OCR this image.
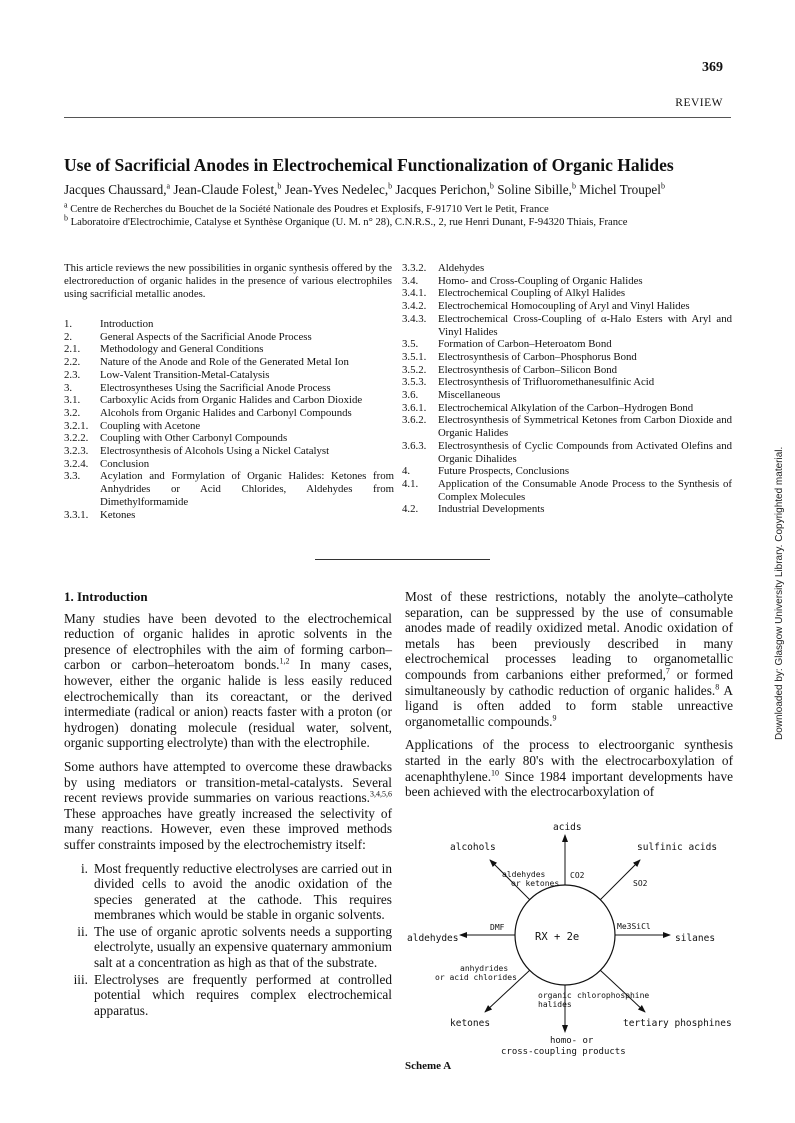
369
REVIEW
Use of Sacrificial Anodes in Electrochemical Functionalization of Organic Halides
Jacques Chaussard,$^a$ Jean-Claude Folest,$^b$ Jean-Yves Nedelec,$^b$ Jacques Perichon,$^b$ Soline Sibille,$^b$ Michel Troupel$^b$
$^a$ Centre de Recherches du Bouchet de la Société Nationale des Poudres et Explosifs, F-91710 Vert le Petit, France
$^b$ Laboratoire d'Electrochimie, Catalyse et Synthèse Organique (U. M. n° 28), C.N.R.S., 2, rue Henri Dunant, F-94320 Thiais, France
This article reviews the new possibilities in organic synthesis offered by the electroreduction of organic halides in the presence of various electrophiles using sacrificial metallic anodes.
1.	Introduction
2.	General Aspects of the Sacrificial Anode Process
2.1.	Methodology and General Conditions
2.2.	Nature of the Anode and Role of the Generated Metal Ion
2.3.	Low-Valent Transition-Metal-Catalysis
3.	Electrosyntheses Using the Sacrificial Anode Process
3.1.	Carboxylic Acids from Organic Halides and Carbon Dioxide
3.2.	Alcohols from Organic Halides and Carbonyl Compounds
3.2.1.	Coupling with Acetone
3.2.2.	Coupling with Other Carbonyl Compounds
3.2.3.	Electrosynthesis of Alcohols Using a Nickel Catalyst
3.2.4.	Conclusion
3.3.	Acylation and Formylation of Organic Halides: Ketones from Anhydrides or Acid Chlorides, Aldehydes from Dimethylformamide
3.3.1.	Ketones
3.3.2.	Aldehydes
3.4.	Homo- and Cross-Coupling of Organic Halides
3.4.1.	Electrochemical Coupling of Alkyl Halides
3.4.2.	Electrochemical Homocoupling of Aryl and Vinyl Halides
3.4.3.	Electrochemical Cross-Coupling of α-Halo Esters with Aryl and Vinyl Halides
3.5.	Formation of Carbon–Heteroatom Bond
3.5.1.	Electrosynthesis of Carbon–Phosphorus Bond
3.5.2.	Electrosynthesis of Carbon–Silicon Bond
3.5.3.	Electrosynthesis of Trifluoromethanesulfinic Acid
3.6.	Miscellaneous
3.6.1.	Electrochemical Alkylation of the Carbon–Hydrogen Bond
3.6.2.	Electrosynthesis of Symmetrical Ketones from Carbon Dioxide and Organic Halides
3.6.3.	Electrosynthesis of Cyclic Compounds from Activated Olefins and Organic Dihalides
4.	Future Prospects, Conclusions
4.1.	Application of the Consumable Anode Process to the Synthesis of Complex Molecules
4.2.	Industrial Developments

1. Introduction

Many studies have been devoted to the electrochemical reduction of organic halides in aprotic solvents in the presence of electrophiles with the aim of forming carbon–carbon or carbon–heteroatom bonds.$^{1,2}$ In many cases, however, either the organic halide is less easily reduced electrochemically than its coreactant, or the derived intermediate (radical or anion) reacts faster with a proton (or hydrogen) donating molecule (residual water, solvent, organic supporting electrolyte) than with the electrophile.

Some authors have attempted to overcome these drawbacks by using mediators or transition-metal-catalysts. Several recent reviews provide summaries on various reactions.$^{3,4,5,6}$ These approaches have greatly increased the selectivity of many reactions. However, even these improved methods suffer constraints imposed by the electrochemistry itself:

i. Most frequently reductive electrolyses are carried out in divided cells to avoid the anodic oxidation of the species generated at the cathode. This requires membranes which would be stable in organic solvents.
ii. The use of organic aprotic solvents needs a supporting electrolyte, usually an expensive quaternary ammonium salt at a concentration as high as that of the substrate.
iii. Electrolyses are frequently performed at controlled potential which requires complex electrochemical apparatus.

Most of these restrictions, notably the anolyte–catholyte separation, can be suppressed by the use of consumable anodes made of readily oxidized metal. Anodic oxidation of metals has been previously described in many electrochemical processes leading to organometallic compounds from carbanions either preformed,$^7$ or formed simultaneously by cathodic reduction of organic halides.$^8$ A ligand is often added to form stable unreactive organometallic compounds.$^9$

Applications of the process to electroorganic synthesis started in the early 80's with the electrocarboxylation of acenaphthylene.$^{10}$ Since 1984 important developments have been achieved with the electrocarboxylation of

acids
alcohols	sulfinic acids
aldehydes
or ketones
CO2
SO2
aldehydes
DMF
RX + 2e
Me3SiCl
silanes
anhydrides
or acid chlorides
organic
halides
chlorophosphine
ketones	tertiary phosphines
homo- or
cross-coupling products
Scheme A
Downloaded by: Glasgow University Library. Copyrighted material.
